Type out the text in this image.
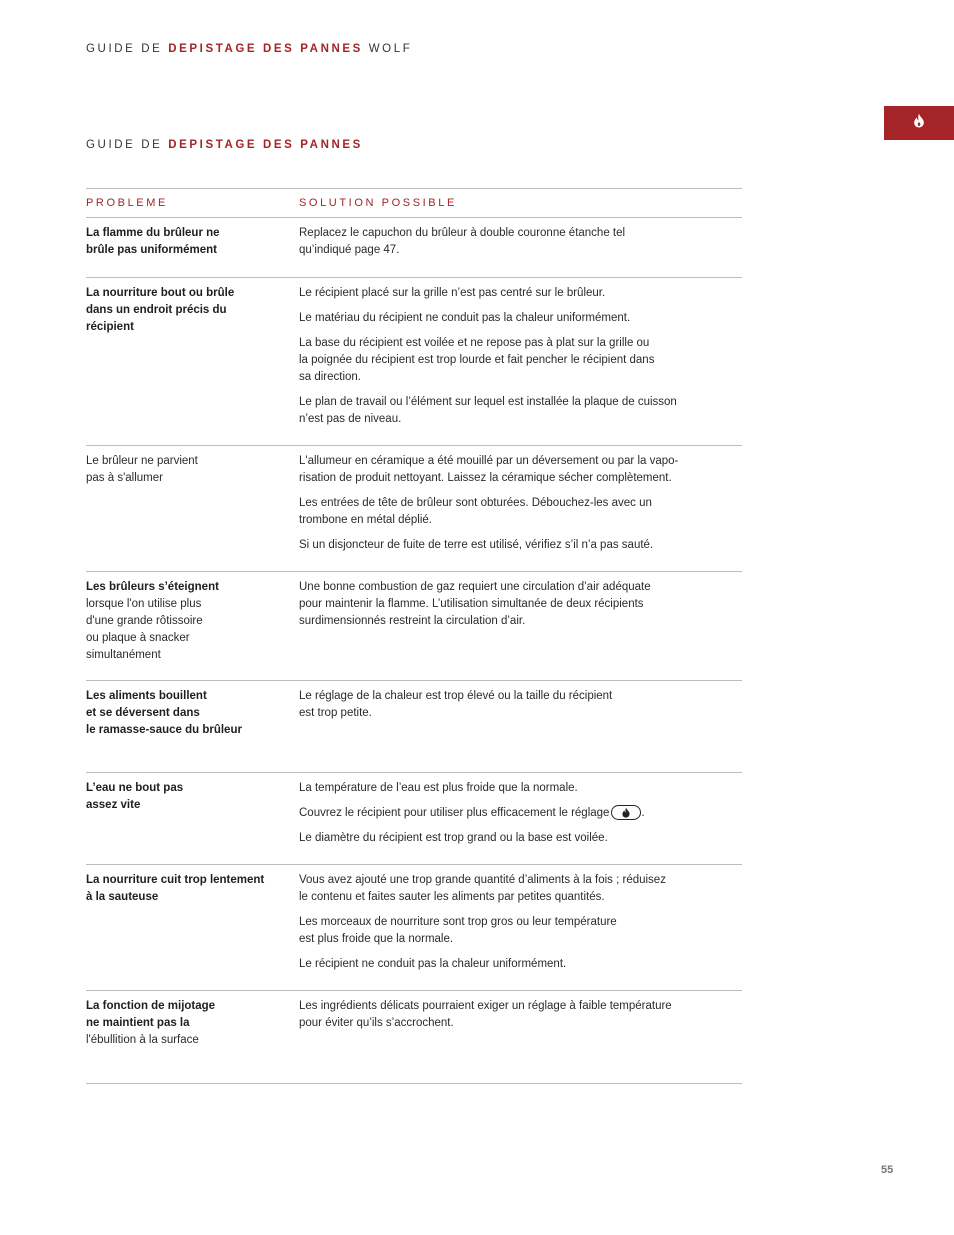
GUIDE DE DEPISTAGE DES PANNES WOLF
GUIDE DE DEPISTAGE DES PANNES
PROBLEME	SOLUTION POSSIBLE
La flamme du brûleur ne
brûle pas uniformément
Replacez le capuchon du brûleur à double couronne étanche tel
qu’indiqué page 47.
La nourriture bout ou brûle
dans un endroit précis du
récipient
Le récipient placé sur la grille n’est pas centré sur le brûleur.
Le matériau du récipient ne conduit pas la chaleur uniformément.
La base du récipient est voilée et ne repose pas à plat sur la grille ou
la poignée du récipient est trop lourde et fait pencher le récipient dans
sa direction.
Le plan de travail ou l’élément sur lequel est installée la plaque de cuisson
n’est pas de niveau.
Le brûleur ne parvient
pas à s'allumer
L'allumeur en céramique a été mouillé par un déversement ou par la vapo-
risation de produit nettoyant. Laissez la céramique sécher complètement.
Les entrées de tête de brûleur sont obturées. Débouchez-les avec un
trombone en métal déplié.
Si un disjoncteur de fuite de terre est utilisé, vérifiez s’il n’a pas sauté.
Les brûleurs s’éteignent
lorsque l'on utilise plus
d'une grande rôtissoire
ou plaque à snacker
simultanément
Une bonne combustion de gaz requiert une circulation d’air adéquate
pour maintenir la flamme. L’utilisation simultanée de deux récipients
surdimensionnés restreint la circulation d’air.
Les aliments bouillent
et se déversent dans
le ramasse-sauce du brûleur
Le réglage de la chaleur est trop élevé ou la taille du récipient
est trop petite.
L’eau ne bout pas
assez vite
La température de l’eau est plus froide que la normale.
Couvrez le récipient pour utiliser plus efficacement le réglage	.
Le diamètre du récipient est trop grand ou la base est voilée.
La nourriture cuit trop lentement
à la sauteuse
Vous avez ajouté une trop grande quantité d’aliments à la fois ; réduisez
le contenu et faites sauter les aliments par petites quantités.
Les morceaux de nourriture sont trop gros ou leur température
est plus froide que la normale.
Le récipient ne conduit pas la chaleur uniformément.
La fonction de mijotage
ne maintient pas la
l'ébullition à la surface
Les ingrédients délicats pourraient exiger un réglage à faible température
pour éviter qu’ils s’accrochent.
55
